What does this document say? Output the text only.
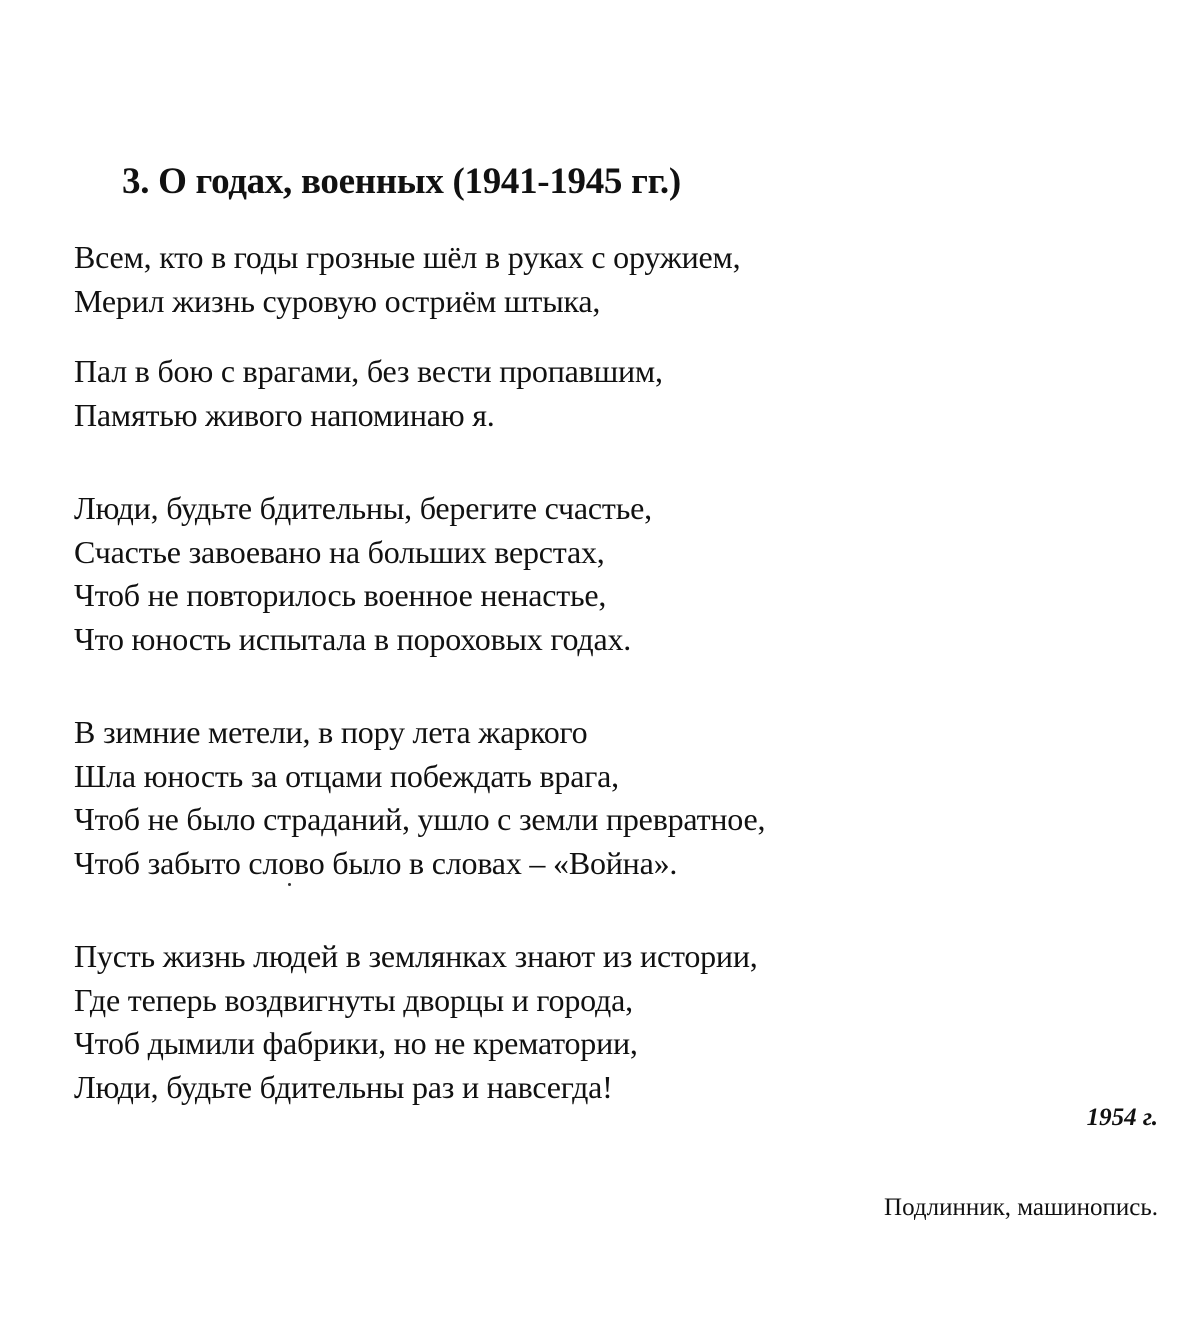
3. О годах, военных (1941-1945 гг.)
Всем, кто в годы грозные шёл в руках с оружием,
Мерил жизнь суровую остриём штыка,
Пал в бою с врагами, без вести пропавшим,
Памятью живого напоминаю я.
Люди, будьте бдительны, берегите счастье,
Счастье завоевано на больших верстах,
Чтоб не повторилось военное ненастье,
Что юность испытала в пороховых годах.
В зимние метели, в пору лета жаркого
Шла юность за отцами побеждать врага,
Чтоб не было страданий, ушло с земли превратное,
Чтоб забыто слово было в словах – «Война».
Пусть жизнь людей в землянках знают из истории,
Где теперь воздвигнуты дворцы и города,
Чтоб дымили фабрики, но не крематории,
Люди, будьте бдительны раз и навсегда!
1954 г.
Подлинник, машинопись.
